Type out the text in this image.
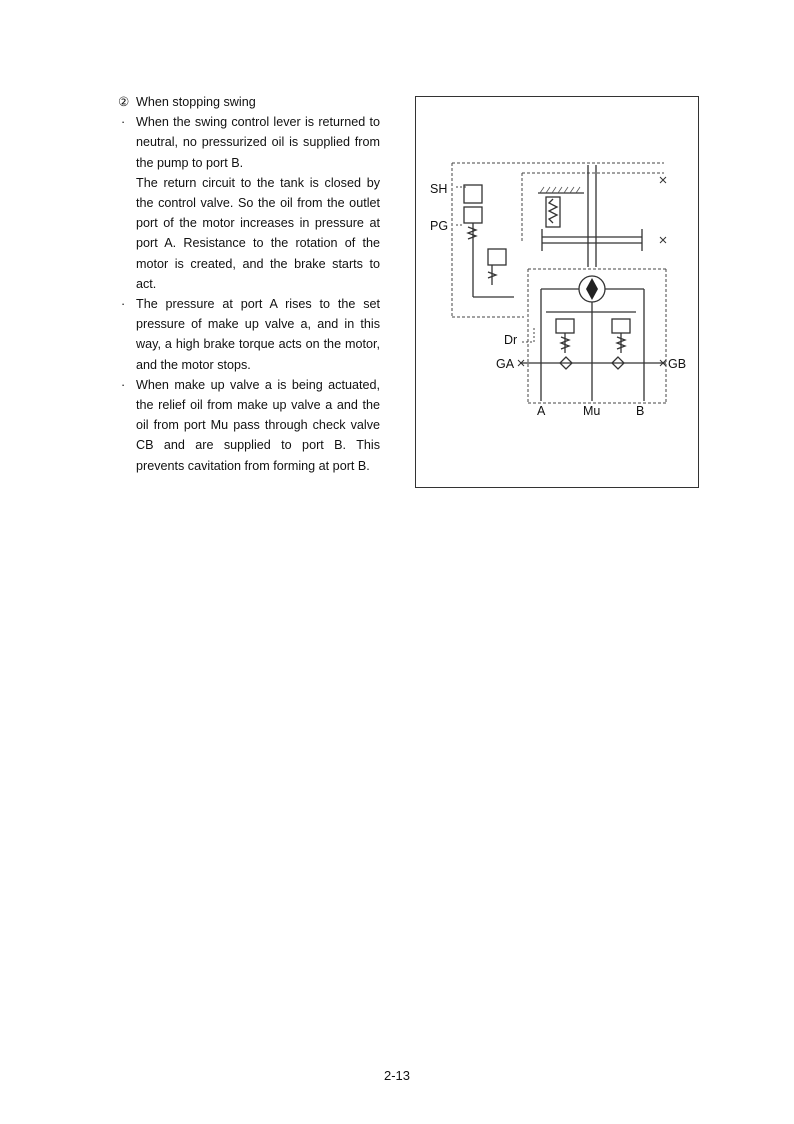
② When stopping swing
· When the swing control lever is returned to neutral, no pressurized oil is supplied from the pump to port B.

The return circuit to the tank is closed by the control valve. So the oil from the outlet port of the motor increases in pressure at port A. Resistance to the rotation of the motor is created, and the brake starts to act.

· The pressure at port A rises to the set pressure of make up valve a, and in this way, a high brake torque acts on the motor, and the motor stops.

· When make up valve a is being actuated, the relief oil from make up valve a and the oil from port Mu pass through check valve CB and are supplied to port B. This prevents cavitation from forming at port B.

SH
PG
Dr
GA	GB
A	Mu	B
2-13
